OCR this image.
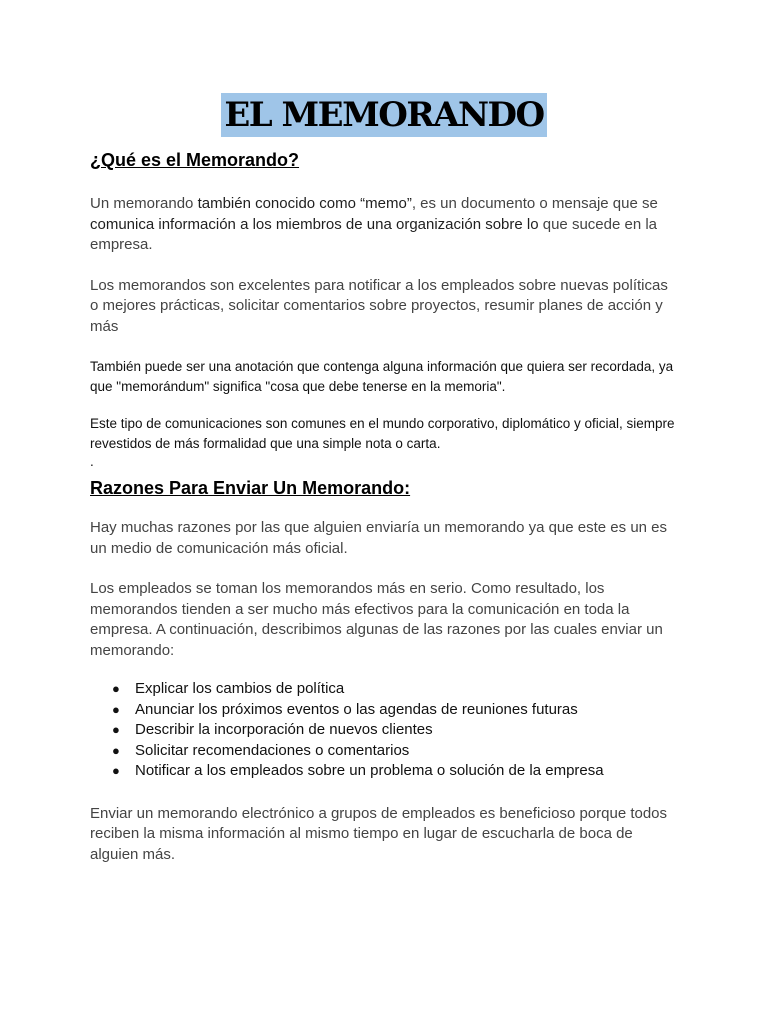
EL MEMORANDO
¿Qué es el Memorando?

Un memorando también conocido como “memo”, es un documento o mensaje que se comunica información a los miembros de una organización sobre lo que sucede en la empresa.

Los memorandos son excelentes para notificar a los empleados sobre nuevas políticas o mejores prácticas, solicitar comentarios sobre proyectos, resumir planes de acción y más

También puede ser una anotación que contenga alguna información que quiera ser recordada, ya que "memorándum" significa "cosa que debe tenerse en la memoria".

Este tipo de comunicaciones son comunes en el mundo corporativo, diplomático y oficial, siempre revestidos de más formalidad que una simple nota o carta.

.

Razones Para Enviar Un Memorando:

Hay muchas razones por las que alguien enviaría un memorando ya que este es un es un medio de comunicación más oficial.

Los empleados se toman los memorandos más en serio. Como resultado, los memorandos tienden a ser mucho más efectivos para la comunicación en toda la empresa. A continuación, describimos algunas de las razones por las cuales enviar un memorando:

● Explicar los cambios de política
● Anunciar los próximos eventos o las agendas de reuniones futuras
● Describir la incorporación de nuevos clientes
● Solicitar recomendaciones o comentarios
● Notificar a los empleados sobre un problema o solución de la empresa

Enviar un memorando electrónico a grupos de empleados es beneficioso porque todos reciben la misma información al mismo tiempo en lugar de escucharla de boca de alguien más.
